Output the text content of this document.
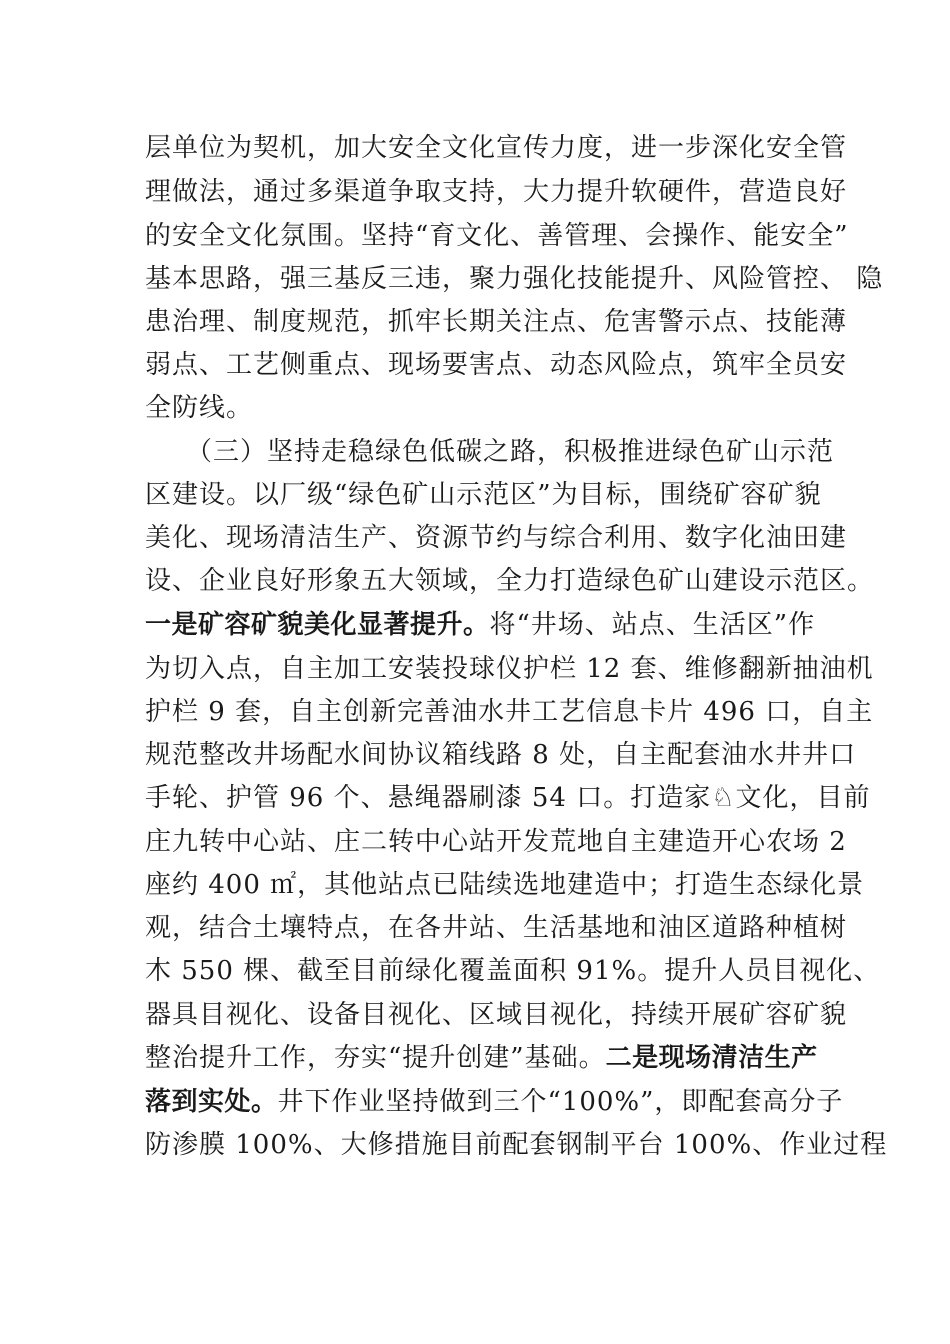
层单位为契机，加大安全文化宣传力度，进一步深化安全管
理做法，通过多渠道争取支持，大力提升软硬件，营造良好
的安全文化氛围。坚持“育文化、善管理、会操作、能安全”
基本思路，强三基反三违，聚力强化技能提升、风险管控、 隐
患治理、制度规范，抓牢长期关注点、危害警示点、技能薄
弱点、工艺侧重点、现场要害点、动态风险点，筑牢全员安
全防线。
　　（三）坚持走稳绿色低碳之路，积极推进绿色矿山示范
区建设。以厂级“绿色矿山示范区”为目标，围绕矿容矿貌
美化、现场清洁生产、资源节约与综合利用、数字化油田建
设、企业良好形象五大领域，全力打造绿色矿山建设示范区。
一是矿容矿貌美化显著提升。将“井场、站点、生活区”作
为切入点，自主加工安装投球仪护栏 12 套、维修翻新抽油机
护栏 9 套，自主创新完善油水井工艺信息卡片 496 口，自主
规范整改井场配水间协议箱线路 8 处，自主配套油水井井口
手轮、护管 96 个、悬绳器刷漆 54 口。打造家♘文化，目前
庄九转中心站、庄二转中心站开发荒地自主建造开心农场 2
座约 400 ㎡，其他站点已陆续选地建造中；打造生态绿化景
观，结合土壤特点，在各井站、生活基地和油区道路种植树
木 550 棵、截至目前绿化覆盖面积 91%。提升人员目视化、
器具目视化、设备目视化、区域目视化，持续开展矿容矿貌
整治提升工作，夯实“提升创建”基础。二是现场清洁生产
落到实处。井下作业坚持做到三个“100%”，即配套高分子
防渗膜 100%、大修措施目前配套钢制平台 100%、作业过程
